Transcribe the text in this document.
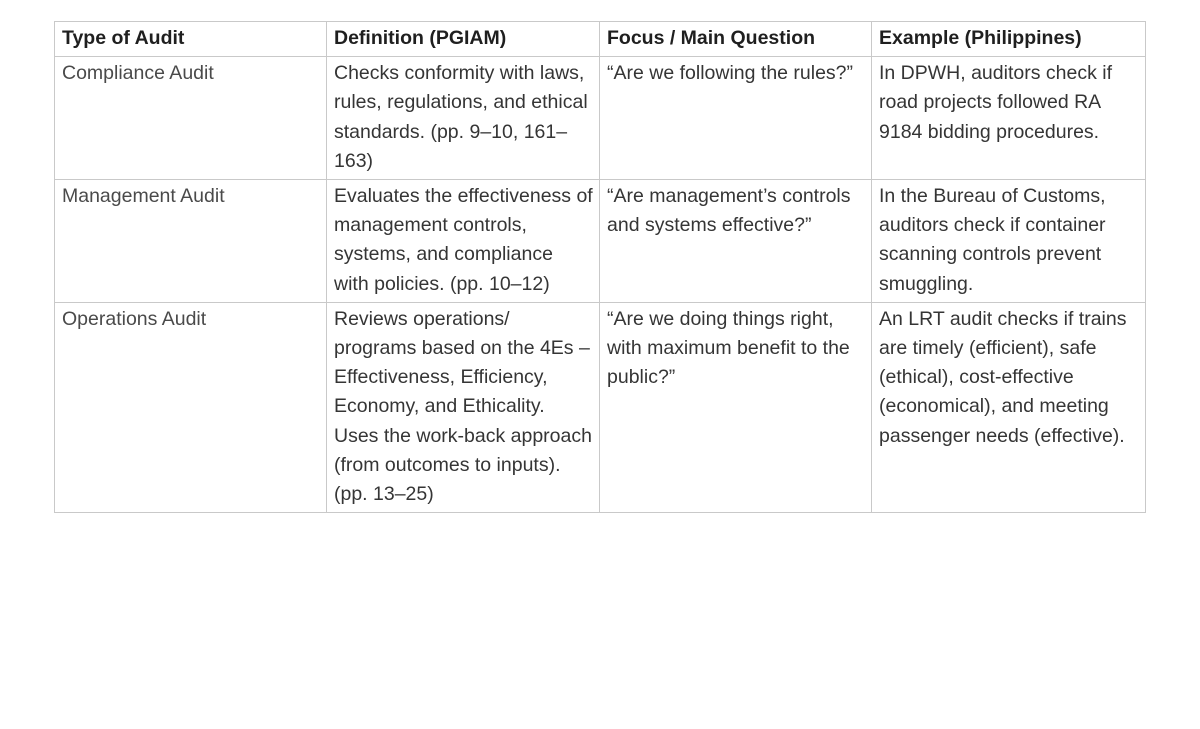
Type of Audit	Definition (PGIAM)	Focus / Main Question	Example (Philippines)
Compliance Audit	Checks conformity with laws, rules, regulations, and ethical standards. (pp. 9–10, 161–163)	“Are we following the rules?”	In DPWH, auditors check if road projects followed RA 9184 bidding procedures.
Management Audit	Evaluates the effectiveness of management controls, systems, and compliance with policies. (pp. 10–12)	“Are management’s controls and systems effective?”	In the Bureau of Customs, auditors check if container scanning controls prevent smuggling.
Operations Audit	Reviews operations/ programs based on the 4Es – Effectiveness, Efficiency, Economy, and Ethicality. Uses the work-back approach (from outcomes to inputs). (pp. 13–25)	“Are we doing things right, with maximum benefit to the public?”	An LRT audit checks if trains are timely (efficient), safe (ethical), cost-effective (economical), and meeting passenger needs (effective).
